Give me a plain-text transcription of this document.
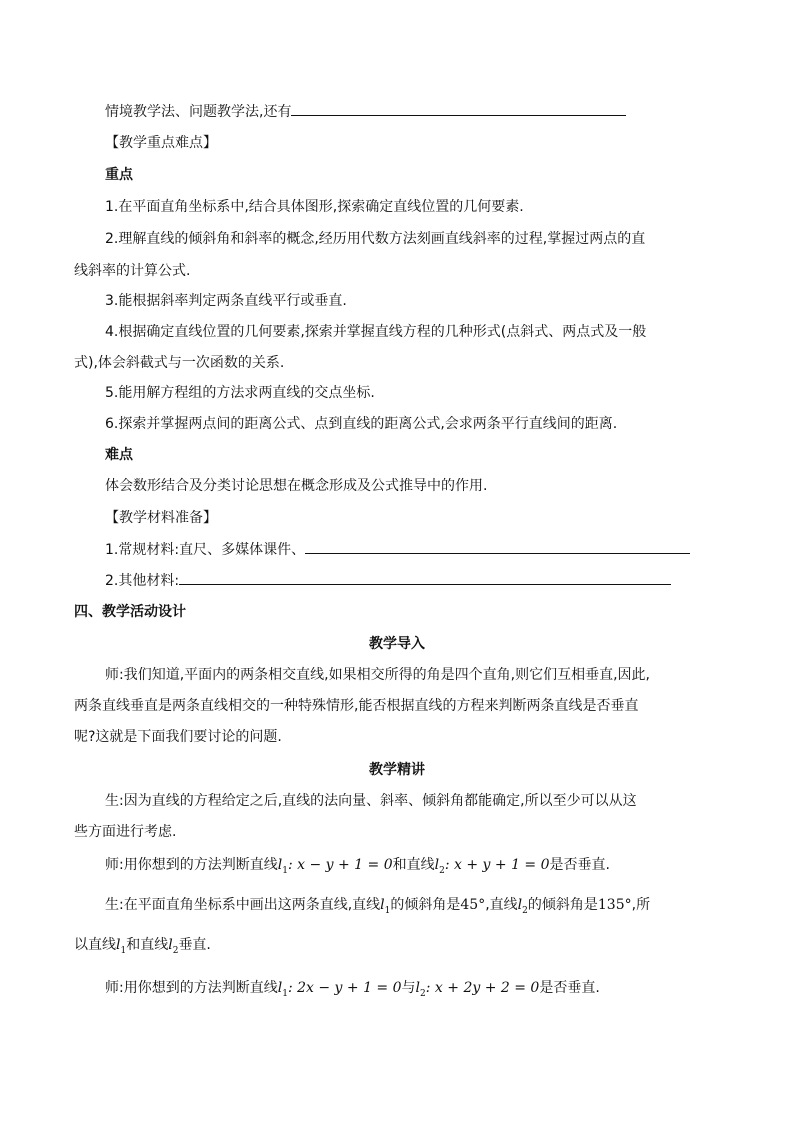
情境教学法、问题教学法,还有
【教学重点难点】
重点
1.在平面直角坐标系中,结合具体图形,探索确定直线位置的几何要素.
2.理解直线的倾斜角和斜率的概念,经历用代数方法刻画直线斜率的过程,掌握过两点的直
线斜率的计算公式.
3.能根据斜率判定两条直线平行或垂直.
4.根据确定直线位置的几何要素,探索并掌握直线方程的几种形式(点斜式、两点式及一般
式),体会斜截式与一次函数的关系.
5.能用解方程组的方法求两直线的交点坐标.
6.探索并掌握两点间的距离公式、点到直线的距离公式,会求两条平行直线间的距离.
难点
体会数形结合及分类讨论思想在概念形成及公式推导中的作用.
【教学材料准备】
1.常规材料:直尺、多媒体课件、
2.其他材料:
四、教学活动设计
教学导入
师:我们知道,平面内的两条相交直线,如果相交所得的角是四个直角,则它们互相垂直,因此,
两条直线垂直是两条直线相交的一种特殊情形,能否根据直线的方程来判断两条直线是否垂直
呢?这就是下面我们要讨论的问题.
教学精讲
生:因为直线的方程给定之后,直线的法向量、斜率、倾斜角都能确定,所以至少可以从这
些方面进行考虑.
师:用你想到的方法判断直线$l_1$: x − y + 1 = 0和直线$l_2$: x + y + 1 = 0是否垂直.
生:在平面直角坐标系中画出这两条直线,直线$l_1$的倾斜角是45°,直线$l_2$的倾斜角是135°,所
以直线$l_1$和直线$l_2$垂直.
师:用你想到的方法判断直线$l_1$: 2x − y + 1 = 0与$l_2$: x + 2y + 2 = 0是否垂直.
